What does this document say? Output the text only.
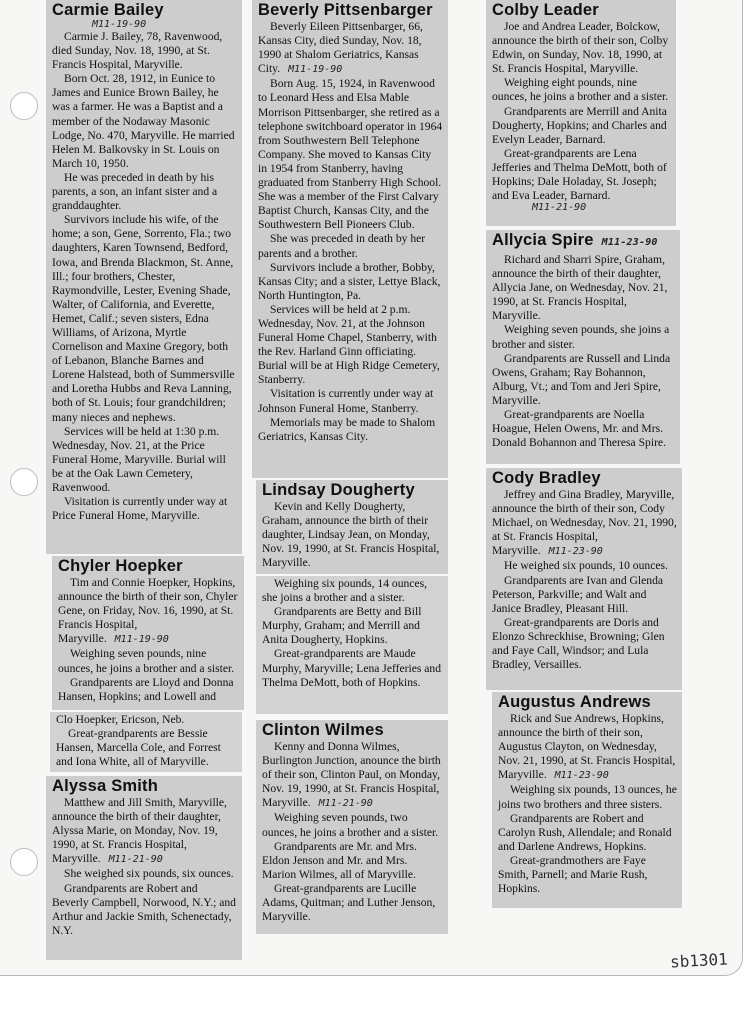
Carmie Bailey
M11-19-90

Carmie J. Bailey, 78, Ravenwood, died Sunday, Nov. 18, 1990, at St. Francis Hospital, Maryville.

Born Oct. 28, 1912, in Eunice to James and Eunice Brown Bailey, he was a farmer. He was a Baptist and a member of the Nodaway Masonic Lodge, No. 470, Maryville. He married Helen M. Balkovsky in St. Louis on March 10, 1950.

He was preceded in death by his parents, a son, an infant sister and a granddaughter.

Survivors include his wife, of the home; a son, Gene, Sorrento, Fla.; two daughters, Karen Townsend, Bedford, Iowa, and Brenda Blackmon, St. Anne, Ill.; four brothers, Chester, Raymondville, Lester, Evening Shade, Walter, of California, and Everette, Hemet, Calif.; seven sisters, Edna Williams, of Arizona, Myrtle Cornelison and Maxine Gregory, both of Lebanon, Blanche Barnes and Lorene Halstead, both of Summersville and Loretha Hubbs and Reva Lanning, both of St. Louis; four grandchildren; many nieces and nephews.

Services will be held at 1:30 p.m. Wednesday, Nov. 21, at the Price Funeral Home, Maryville. Burial will be at the Oak Lawn Cemetery, Ravenwood.

Visitation is currently under way at Price Funeral Home, Maryville.

Chyler Hoepker

Tim and Connie Hoepker, Hopkins, announce the birth of their son, Chyler Gene, on Friday, Nov. 16, 1990, at St. Francis Hospital, Maryville. M11-19-90

Weighing seven pounds, nine ounces, he joins a brother and a sister.

Grandparents are Lloyd and Donna Hansen, Hopkins; and Lowell and

Clo Hoepker, Ericson, Neb.

Great-grandparents are Bessie Hansen, Marcella Cole, and Forrest and Iona White, all of Maryville.

Alyssa Smith

Matthew and Jill Smith, Maryville, announce the birth of their daughter, Alyssa Marie, on Monday, Nov. 19, 1990, at St. Francis Hospital, Maryville. M11-21-90

She weighed six pounds, six ounces.

Grandparents are Robert and Beverly Campbell, Norwood, N.Y.; and Arthur and Jackie Smith, Schenectady, N.Y.

Beverly Pittsenbarger

Beverly Eileen Pittsenbarger, 66, Kansas City, died Sunday, Nov. 18, 1990 at Shalom Geriatrics, Kansas City. M11-19-90

Born Aug. 15, 1924, in Ravenwood to Leonard Hess and Elsa Mable Morrison Pittsenbarger, she retired as a telephone switchboard operator in 1964 from Southwestern Bell Telephone Company. She moved to Kansas City in 1954 from Stanberry, having graduated from Stanberry High School. She was a member of the First Calvary Baptist Church, Kansas City, and the Southwestern Bell Pioneers Club.

She was preceded in death by her parents and a brother.

Survivors include a brother, Bobby, Kansas City; and a sister, Lettye Black, North Huntington, Pa.

Services will be held at 2 p.m. Wednesday, Nov. 21, at the Johnson Funeral Home Chapel, Stanberry, with the Rev. Harland Ginn officiating. Burial will be at High Ridge Cemetery, Stanberry.

Visitation is currently under way at Johnson Funeral Home, Stanberry.

Memorials may be made to Shalom Geriatrics, Kansas City.

Lindsay Dougherty

Kevin and Kelly Dougherty, Graham, announce the birth of their daughter, Lindsay Jean, on Monday, Nov. 19, 1990, at St. Francis Hospital, Maryville.

Weighing six pounds, 14 ounces, she joins a brother and a sister.

Grandparents are Betty and Bill Murphy, Graham; and Merrill and Anita Dougherty, Hopkins.

Great-grandparents are Maude Murphy, Maryville; Lena Jefferies and Thelma DeMott, both of Hopkins.

Clinton Wilmes

Kenny and Donna Wilmes, Burlington Junction, anounce the birth of their son, Clinton Paul, on Monday, Nov. 19, 1990, at St. Francis Hospital, Maryville. M11-21-90

Weighing seven pounds, two ounces, he joins a brother and a sister.

Grandparents are Mr. and Mrs. Eldon Jenson and Mr. and Mrs. Marion Wilmes, all of Maryville.

Great-grandparents are Lucille Adams, Quitman; and Luther Jenson, Maryville.

Colby Leader

Joe and Andrea Leader, Bolckow, announce the birth of their son, Colby Edwin, on Sunday, Nov. 18, 1990, at St. Francis Hospital, Maryville.

Weighing eight pounds, nine ounces, he joins a brother and a sister.

Grandparents are Merrill and Anita Dougherty, Hopkins; and Charles and Evelyn Leader, Barnard.

Great-grandparents are Lena Jefferies and Thelma DeMott, both of Hopkins; Dale Holaday, St. Joseph; and Eva Leader, Barnard.

M11-21-90
Allycia Spire M11-23-90

Richard and Sharri Spire, Graham, announce the birth of their daughter, Allycia Jane, on Wednesday, Nov. 21, 1990, at St. Francis Hospital, Maryville.

Weighing seven pounds, she joins a brother and sister.

Grandparents are Russell and Linda Owens, Graham; Ray Bohannon, Alburg, Vt.; and Tom and Jeri Spire, Maryville.

Great-grandparents are Noella Hoague, Helen Owens, Mr. and Mrs. Donald Bohannon and Theresa Spire.

Cody Bradley

Jeffrey and Gina Bradley, Maryville, announce the birth of their son, Cody Michael, on Wednesday, Nov. 21, 1990, at St. Francis Hospital, Maryville. M11-23-90

He weighed six pounds, 10 ounces.

Grandparents are Ivan and Glenda Peterson, Parkville; and Walt and Janice Bradley, Pleasant Hill.

Great-grandparents are Doris and Elonzo Schreckhise, Browning; Glen and Faye Call, Windsor; and Lula Bradley, Versailles.

Augustus Andrews

Rick and Sue Andrews, Hopkins, announce the birth of their son, Augustus Clayton, on Wednesday, Nov. 21, 1990, at St. Francis Hospital, Maryville. M11-23-90

Weighing six pounds, 13 ounces, he joins two brothers and three sisters.

Grandparents are Robert and Carolyn Rush, Allendale; and Ronald and Darlene Andrews, Hopkins.

Great-grandmothers are Faye Smith, Parnell; and Marie Rush, Hopkins.

sb1301
